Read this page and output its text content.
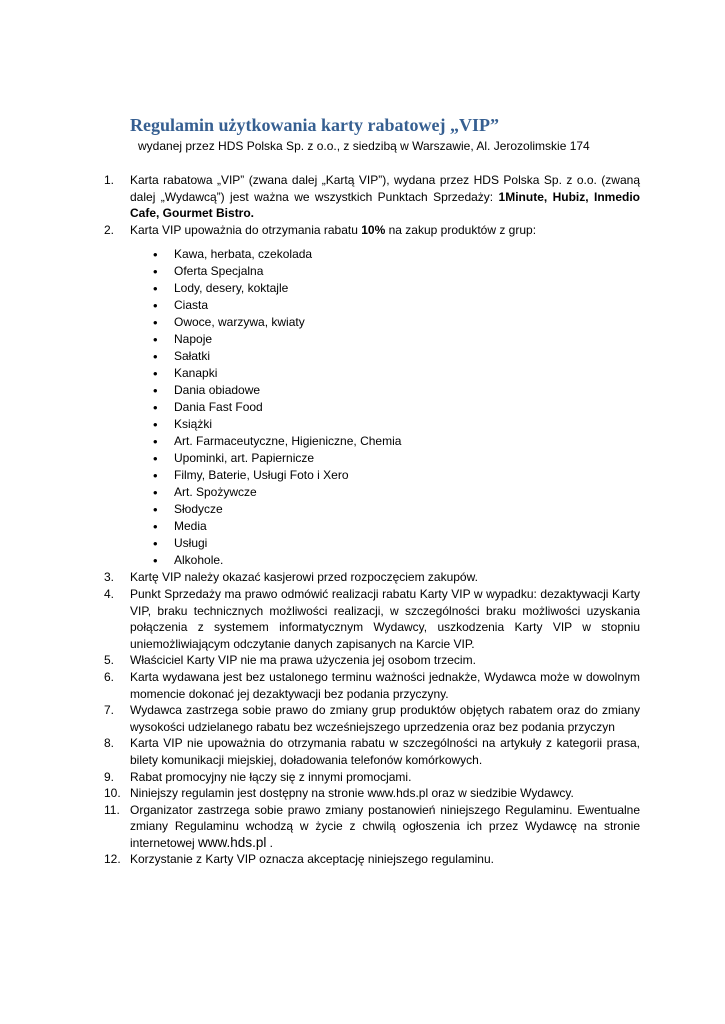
Regulamin użytkowania karty rabatowej „VIP”
wydanej przez HDS Polska Sp. z o.o., z siedzibą w Warszawie, Al. Jerozolimskie 174
1.	Karta rabatowa „VIP” (zwana dalej „Kartą VIP”), wydana przez HDS Polska Sp. z o.o. (zwaną dalej „Wydawcą”) jest ważna we wszystkich Punktach Sprzedaży: 1Minute, Hubiz, Inmedio Cafe, Gourmet Bistro.
2.	Karta VIP upoważnia do otrzymania rabatu 10% na zakup produktów z grup:
• Kawa, herbata, czekolada
• Oferta Specjalna
• Lody, desery, koktajle
• Ciasta
• Owoce, warzywa, kwiaty
• Napoje
• Sałatki
• Kanapki
• Dania obiadowe
• Dania Fast Food
• Książki
• Art. Farmaceutyczne, Higieniczne, Chemia
• Upominki, art. Papiernicze
• Filmy, Baterie, Usługi Foto i Xero
• Art. Spożywcze
• Słodycze
• Media
• Usługi
• Alkohole.
3.	Kartę VIP należy okazać kasjerowi przed rozpoczęciem zakupów.
4.	Punkt Sprzedaży ma prawo odmówić realizacji rabatu Karty VIP w wypadku: dezaktywacji Karty VIP, braku technicznych możliwości realizacji, w szczególności braku możliwości uzyskania połączenia z systemem informatycznym Wydawcy, uszkodzenia Karty VIP w stopniu uniemożliwiającym odczytanie danych zapisanych na Karcie VIP.
5.	Właściciel Karty VIP nie ma prawa użyczenia jej osobom trzecim.
6.	Karta wydawana jest bez ustalonego terminu ważności jednakże, Wydawca może w dowolnym momencie dokonać jej dezaktywacji bez podania przyczyny.
7.	Wydawca zastrzega sobie prawo do zmiany grup produktów objętych rabatem oraz do zmiany wysokości udzielanego rabatu bez wcześniejszego uprzedzenia oraz bez podania przyczyn
8.	Karta VIP nie upoważnia do otrzymania rabatu w szczególności na artykuły z kategorii prasa, bilety komunikacji miejskiej, doładowania telefonów komórkowych.
9.	Rabat promocyjny nie łączy się z innymi promocjami.
10. Niniejszy regulamin jest dostępny na stronie www.hds.pl oraz w siedzibie Wydawcy.
11. Organizator zastrzega sobie prawo zmiany postanowień niniejszego Regulaminu. Ewentualne zmiany Regulaminu wchodzą w życie z chwilą ogłoszenia ich przez Wydawcę na stronie internetowej www.hds.pl .
12. Korzystanie z Karty VIP oznacza akceptację niniejszego regulaminu.
